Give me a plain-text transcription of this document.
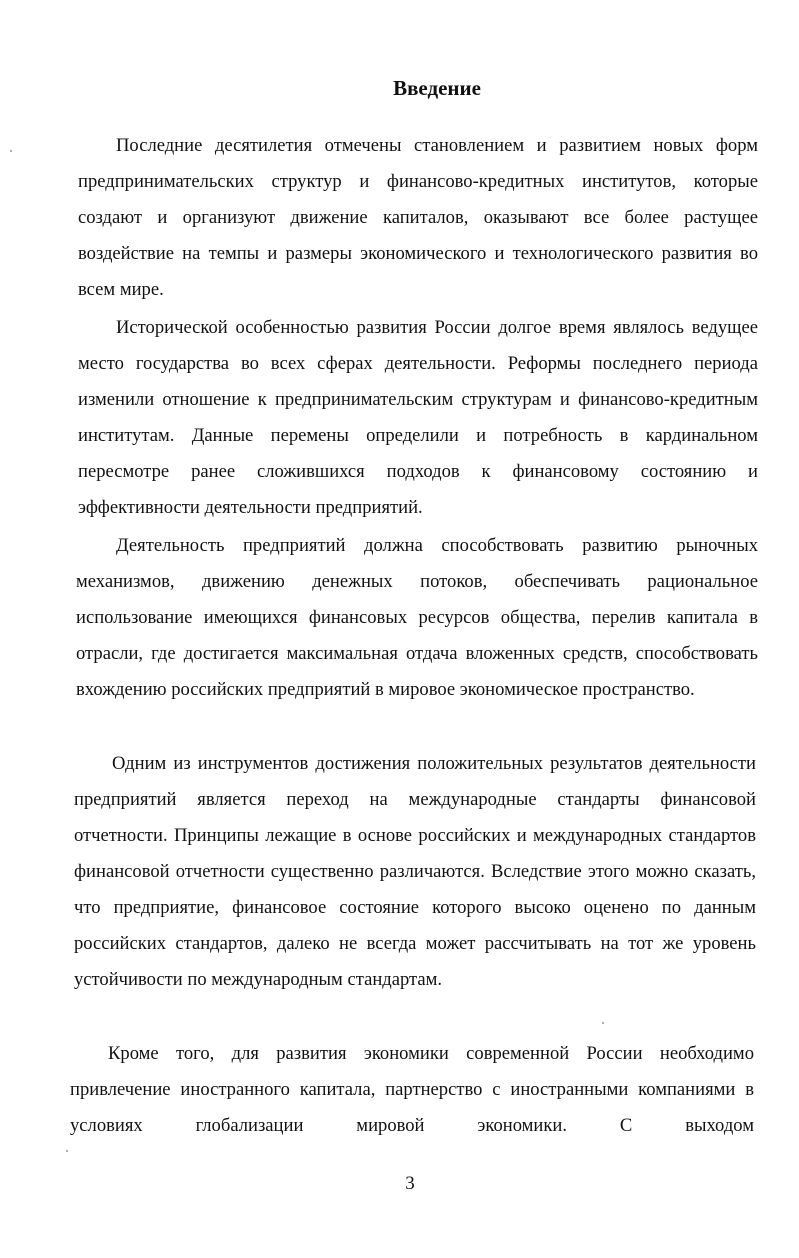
Введение

Последние десятилетия отмечены становлением и развитием новых форм предпринимательских структур и финансово-кредитных институтов, которые создают и организуют движение капиталов, оказывают все более растущее воздействие на темпы и размеры экономического и технологического развития во всем мире.

Исторической особенностью развития России долгое время являлось ведущее место государства во всех сферах деятельности. Реформы последнего периода изменили отношение к предпринимательским структурам и финансово-кредитным институтам. Данные перемены определили и потребность в кардинальном пересмотре ранее сложившихся подходов к финансовому состоянию и эффективности деятельности предприятий.

Деятельность предприятий должна способствовать развитию рыночных механизмов, движению денежных потоков, обеспечивать рациональное использование имеющихся финансовых ресурсов общества, перелив капитала в отрасли, где достигается максимальная отдача вложенных средств, способствовать вхождению российских предприятий в мировое экономическое пространство.

Одним из инструментов достижения положительных результатов деятельности предприятий является переход на международные стандарты финансовой отчетности. Принципы лежащие в основе российских и международных стандартов финансовой отчетности существенно различаются. Вследствие этого можно сказать, что предприятие, финансовое состояние которого высоко оценено по данным российских стандартов, далеко не всегда может рассчитывать на тот же уровень устойчивости по международным стандартам.

Кроме того, для развития экономики современной России необходимо привлечение иностранного капитала, партнерство с иностранными компаниями в условиях глобализации мировой экономики. С выходом

3
